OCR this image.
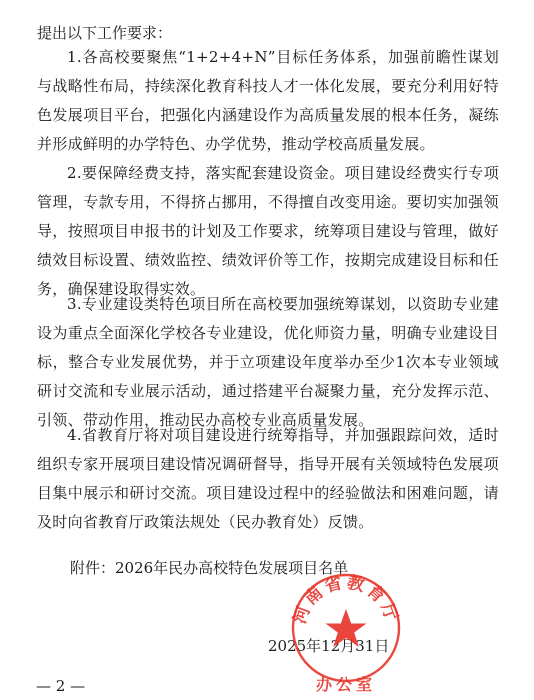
提出以下工作要求：

1.各高校要聚焦“1+2+4+N”目标任务体系，加强前瞻性谋划与战略性布局，持续深化教育科技人才一体化发展，要充分利用好特色发展项目平台，把强化内涵建设作为高质量发展的根本任务，凝练并形成鲜明的办学特色、办学优势，推动学校高质量发展。

2.要保障经费支持，落实配套建设资金。项目建设经费实行专项管理，专款专用，不得挤占挪用，不得擅自改变用途。要切实加强领导，按照项目申报书的计划及工作要求，统筹项目建设与管理，做好绩效目标设置、绩效监控、绩效评价等工作，按期完成建设目标和任务，确保建设取得实效。

3.专业建设类特色项目所在高校要加强统筹谋划，以资助专业建设为重点全面深化学校各专业建设，优化师资力量，明确专业建设目标，整合专业发展优势，并于立项建设年度举办至少1次本专业领域研讨交流和专业展示活动，通过搭建平台凝聚力量，充分发挥示范、引领、带动作用，推动民办高校专业高质量发展。

4.省教育厅将对项目建设进行统筹指导，并加强跟踪问效，适时组织专家开展项目建设情况调研督导，指导开展有关领域特色发展项目集中展示和研讨交流。项目建设过程中的经验做法和困难问题，请及时向省教育厅政策法规处（民办教育处）反馈。

附件：2026年民办高校特色发展项目名单

2025年12月31日

河南省教育厅
办公室

— 2 —
